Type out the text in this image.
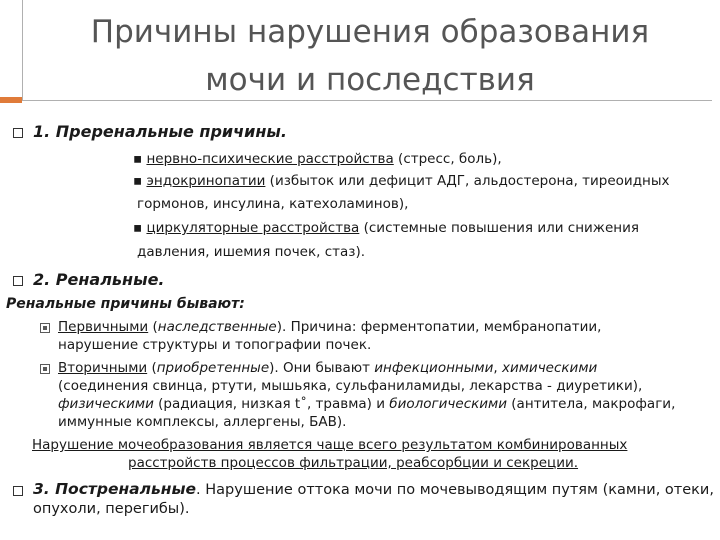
Причины нарушения образования
мочи и последствия
1. Преренальные причины.
▪ нервно-психические расстройства (стресс, боль),
▪ эндокринопатии (избыток или дефицит АДГ, альдостерона, тиреоидных
гормонов, инсулина, катехоламинов),
▪ циркуляторные расстройства (системные повышения или снижения
давления, ишемия почек, стаз).
2. Ренальные.
Ренальные причины бывают:
Первичными (наследственные). Причина: ферментопатии, мембранопатии,
нарушение структуры и топографии почек.
Вторичными (приобретенные). Они бывают инфекционными, химическими
(соединения свинца, ртути, мышьяка, сульфаниламиды, лекарства - диуретики),
физическими (радиация, низкая t˚, травма) и биологическими (антитела, макрофаги,
иммунные комплексы, аллергены, БАВ).
Нарушение мочеобразования является чаще всего результатом комбинированных
расстройств процессов фильтрации, реабсорбции и секреции.
3. Постренальные. Нарушение оттока мочи по мочевыводящим путям (камни, отеки,
опухоли, перегибы).
